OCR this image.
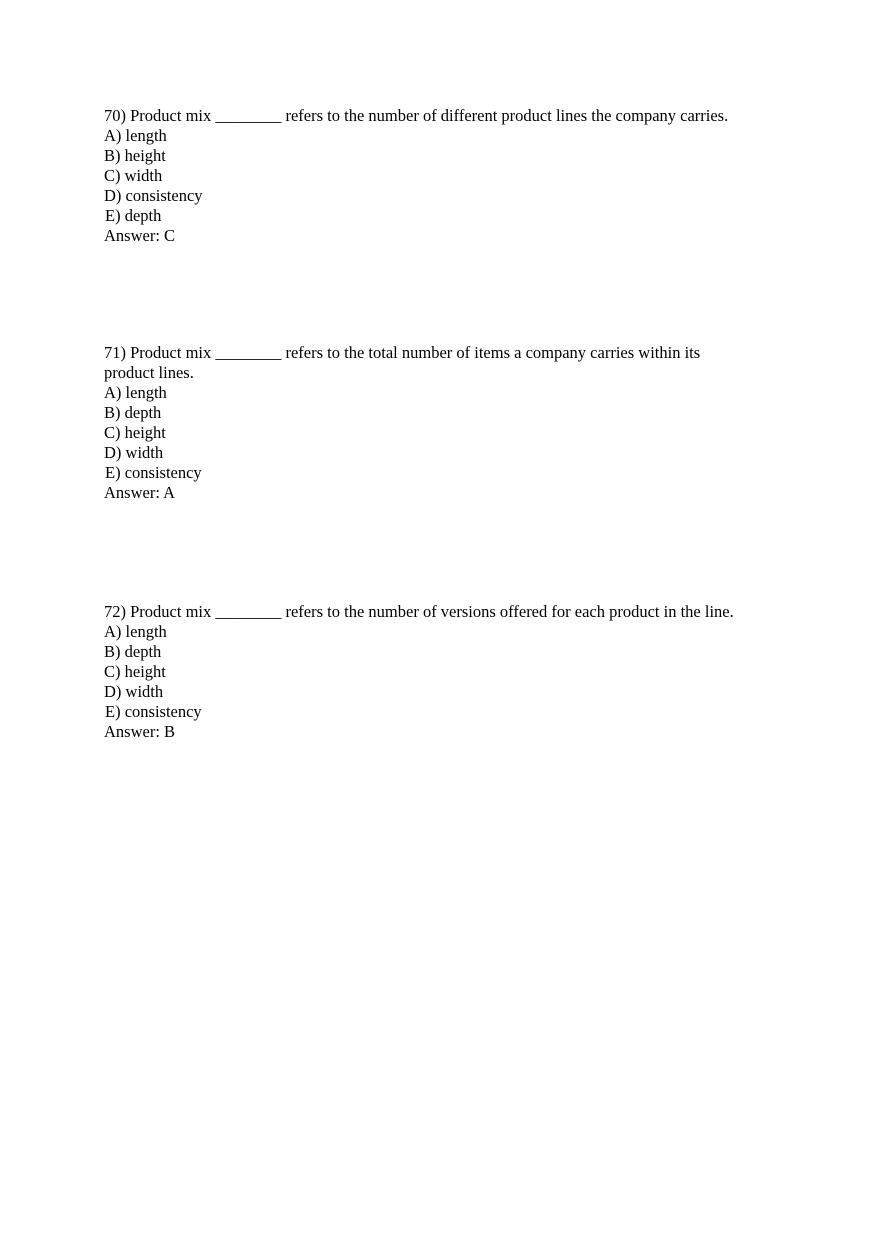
70) Product mix ________ refers to the number of different product lines the company carries.
A) length
B) height
C) width
D) consistency
E) depth
Answer: C
71) Product mix ________ refers to the total number of items a company carries within its product lines.
A) length
B) depth
C) height
D) width
E) consistency
Answer: A
72) Product mix ________ refers to the number of versions offered for each product in the line.
A) length
B) depth
C) height
D) width
E) consistency
Answer: B
